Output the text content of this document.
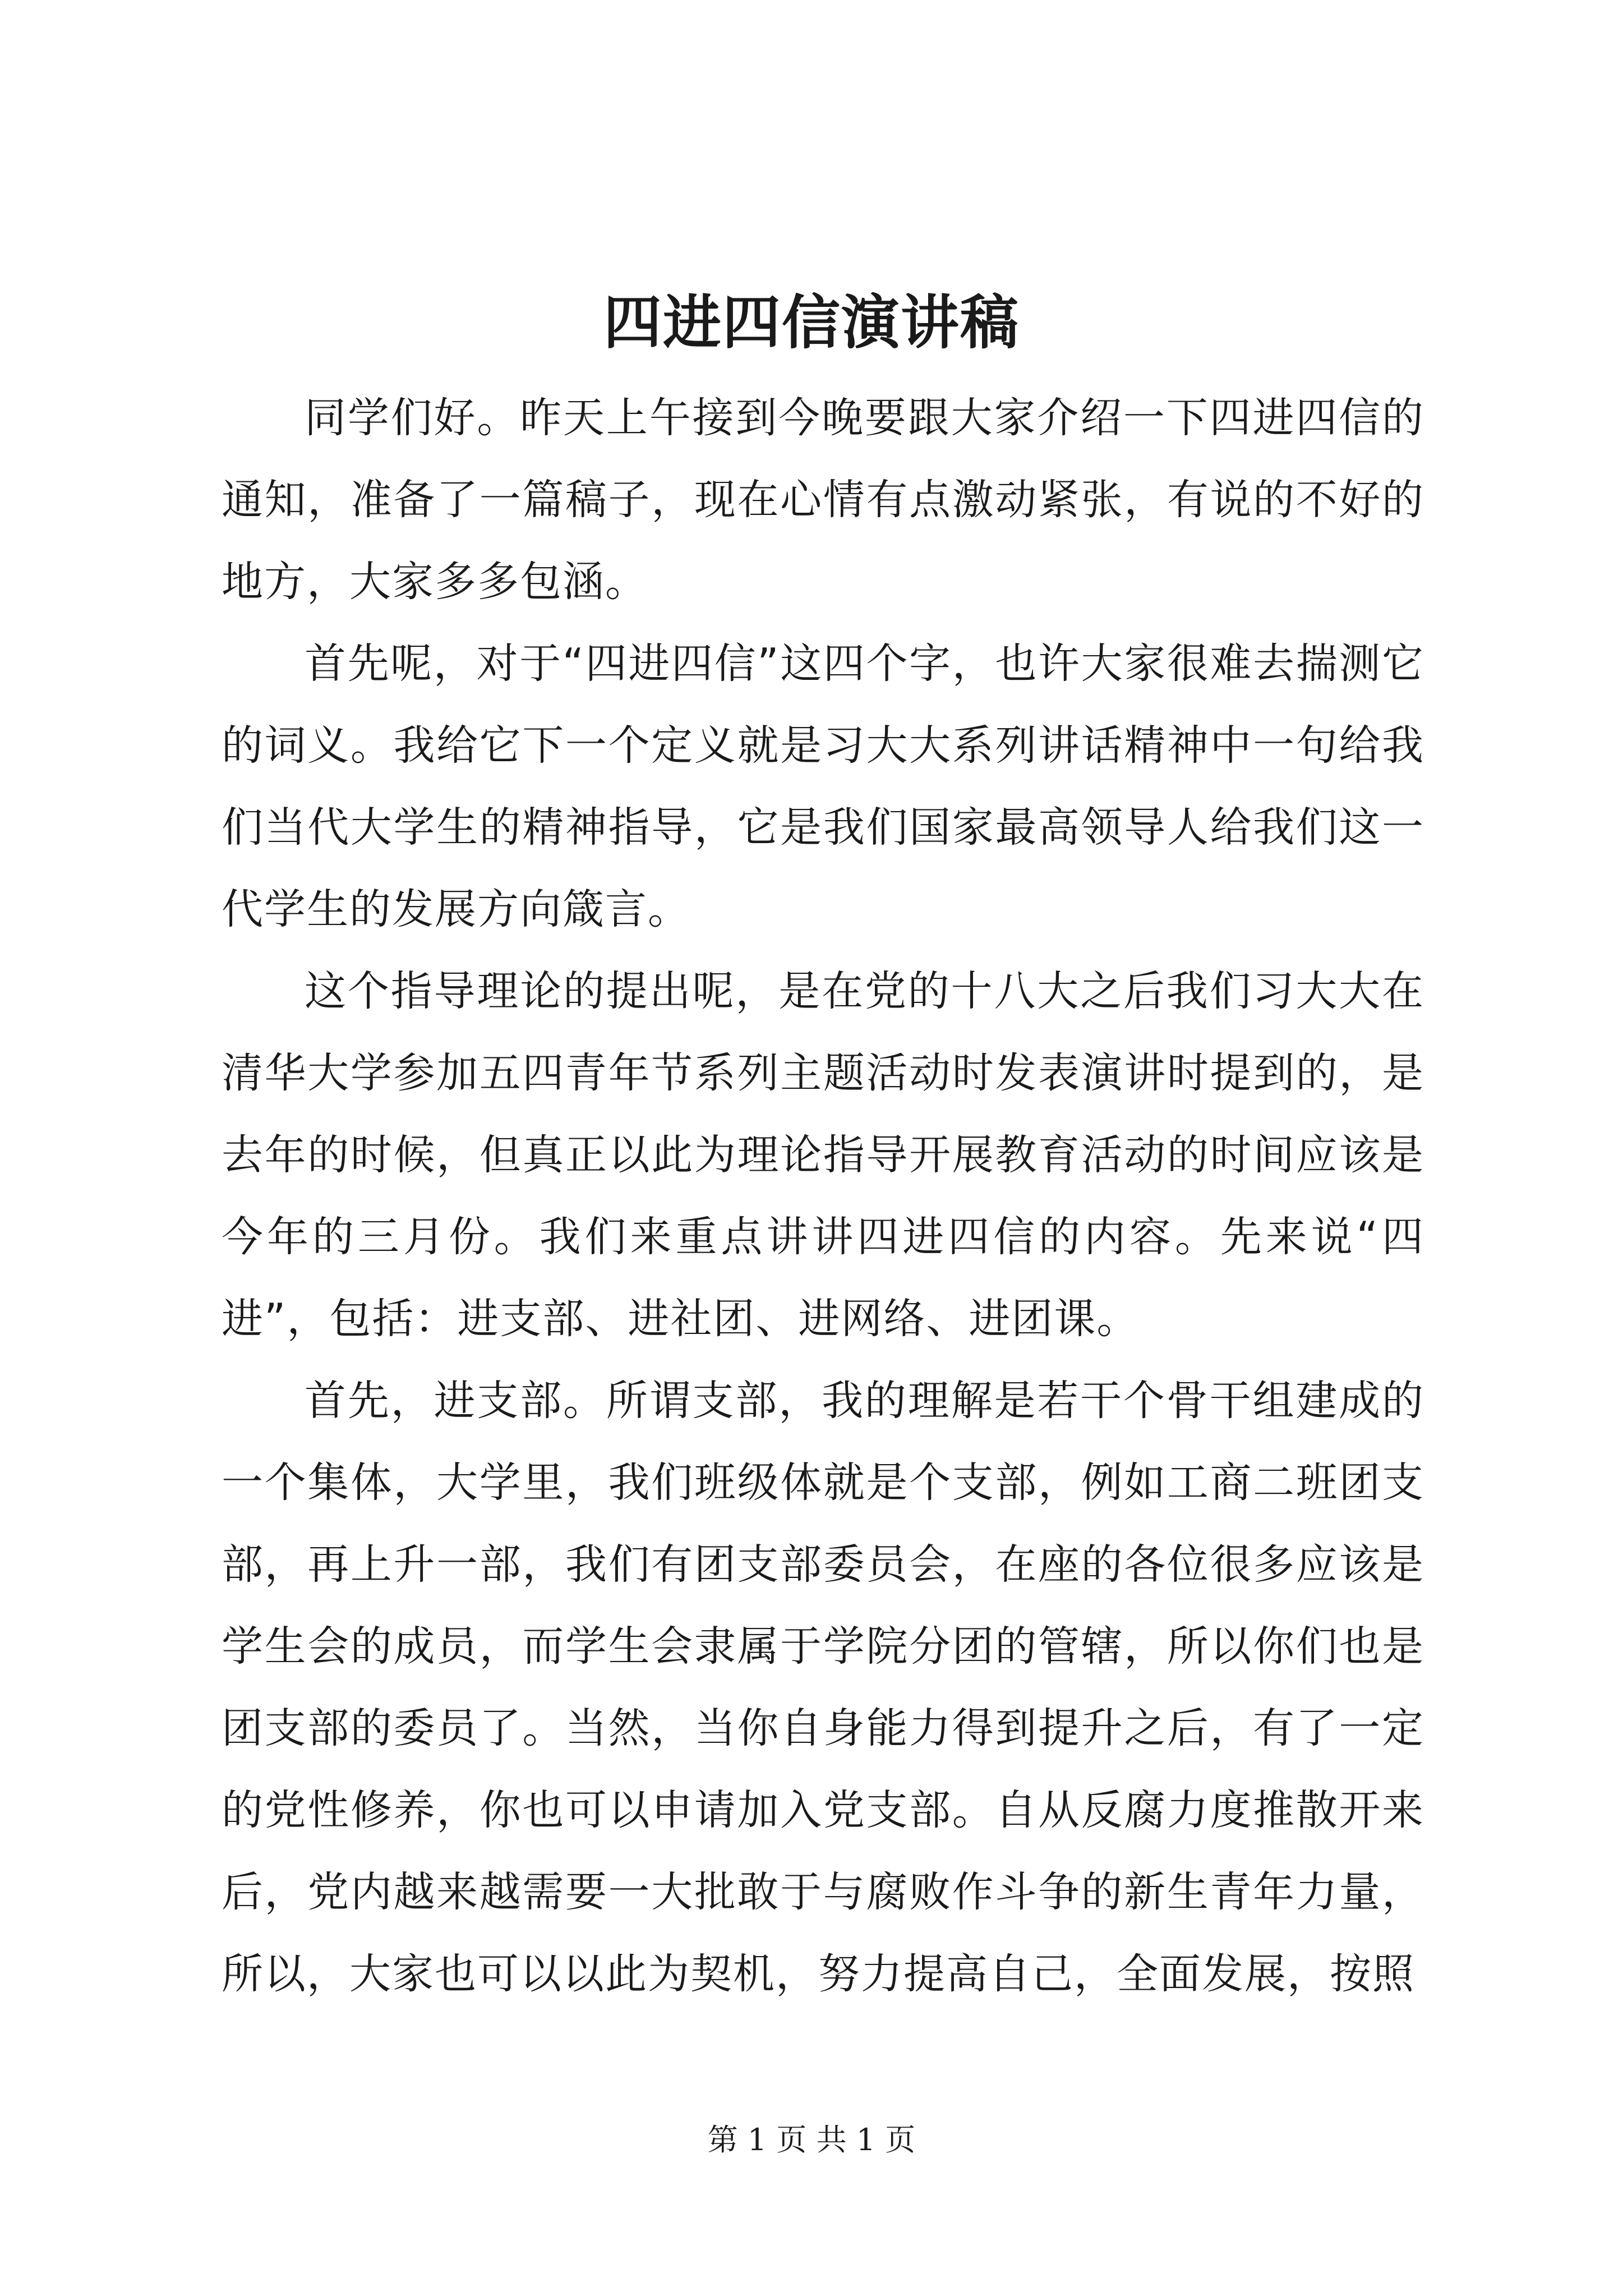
四进四信演讲稿

同学们好。昨天上午接到今晚要跟大家介绍一下四进四信的通知，准备了一篇稿子，现在心情有点激动紧张，有说的不好的地方，大家多多包涵。

首先呢，对于“四进四信”这四个字，也许大家很难去揣测它的词义。我给它下一个定义就是习大大系列讲话精神中一句给我们当代大学生的精神指导，它是我们国家最高领导人给我们这一代学生的发展方向箴言。

这个指导理论的提出呢，是在党的十八大之后我们习大大在清华大学参加五四青年节系列主题活动时发表演讲时提到的，是去年的时候，但真正以此为理论指导开展教育活动的时间应该是今年的三月份。我们来重点讲讲四进四信的内容。先来说“四进”，包括：进支部、进社团、进网络、进团课。

首先，进支部。所谓支部，我的理解是若干个骨干组建成的一个集体，大学里，我们班级体就是个支部，例如工商二班团支部，再上升一部，我们有团支部委员会，在座的各位很多应该是学生会的成员，而学生会隶属于学院分团的管辖，所以你们也是团支部的委员了。当然，当你自身能力得到提升之后，有了一定的党性修养，你也可以申请加入党支部。自从反腐力度推散开来后，党内越来越需要一大批敢于与腐败作斗争的新生青年力量，所以，大家也可以以此为契机，努力提高自己，全面发展，按照

第 1 页 共 1 页
